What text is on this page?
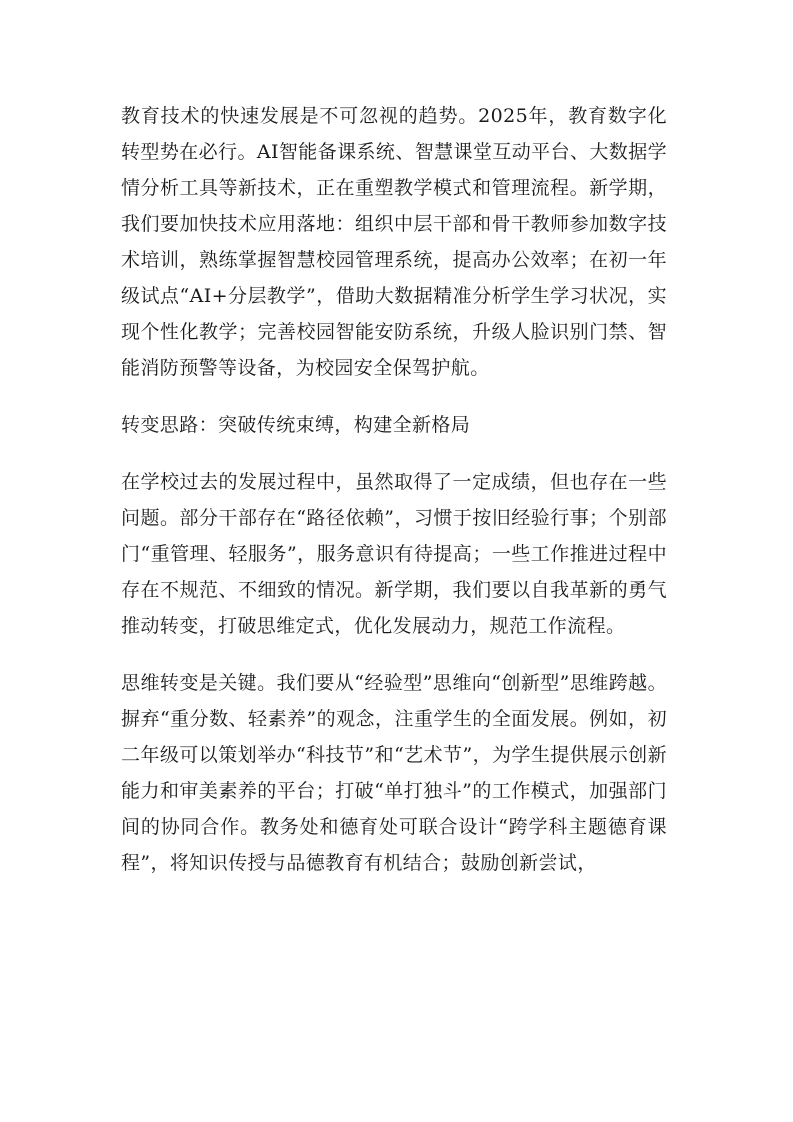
教育技术的快速发展是不可忽视的趋势。2025年，教育数字化转型势在必行。AI智能备课系统、智慧课堂互动平台、大数据学情分析工具等新技术，正在重塑教学模式和管理流程。新学期，我们要加快技术应用落地：组织中层干部和骨干教师参加数字技术培训，熟练掌握智慧校园管理系统，提高办公效率；在初一年级试点“AI+分层教学”，借助大数据精准分析学生学习状况，实现个性化教学；完善校园智能安防系统，升级人脸识别门禁、智能消防预警等设备，为校园安全保驾护航。

转变思路：突破传统束缚，构建全新格局

在学校过去的发展过程中，虽然取得了一定成绩，但也存在一些问题。部分干部存在“路径依赖”，习惯于按旧经验行事；个别部门“重管理、轻服务”，服务意识有待提高；一些工作推进过程中存在不规范、不细致的情况。新学期，我们要以自我革新的勇气推动转变，打破思维定式，优化发展动力，规范工作流程。

思维转变是关键。我们要从“经验型”思维向“创新型”思维跨越。摒弃“重分数、轻素养”的观念，注重学生的全面发展。例如，初二年级可以策划举办“科技节”和“艺术节”，为学生提供展示创新能力和审美素养的平台；打破“单打独斗”的工作模式，加强部门间的协同合作。教务处和德育处可联合设计“跨学科主题德育课程”，将知识传授与品德教育有机结合；鼓励创新尝试，
